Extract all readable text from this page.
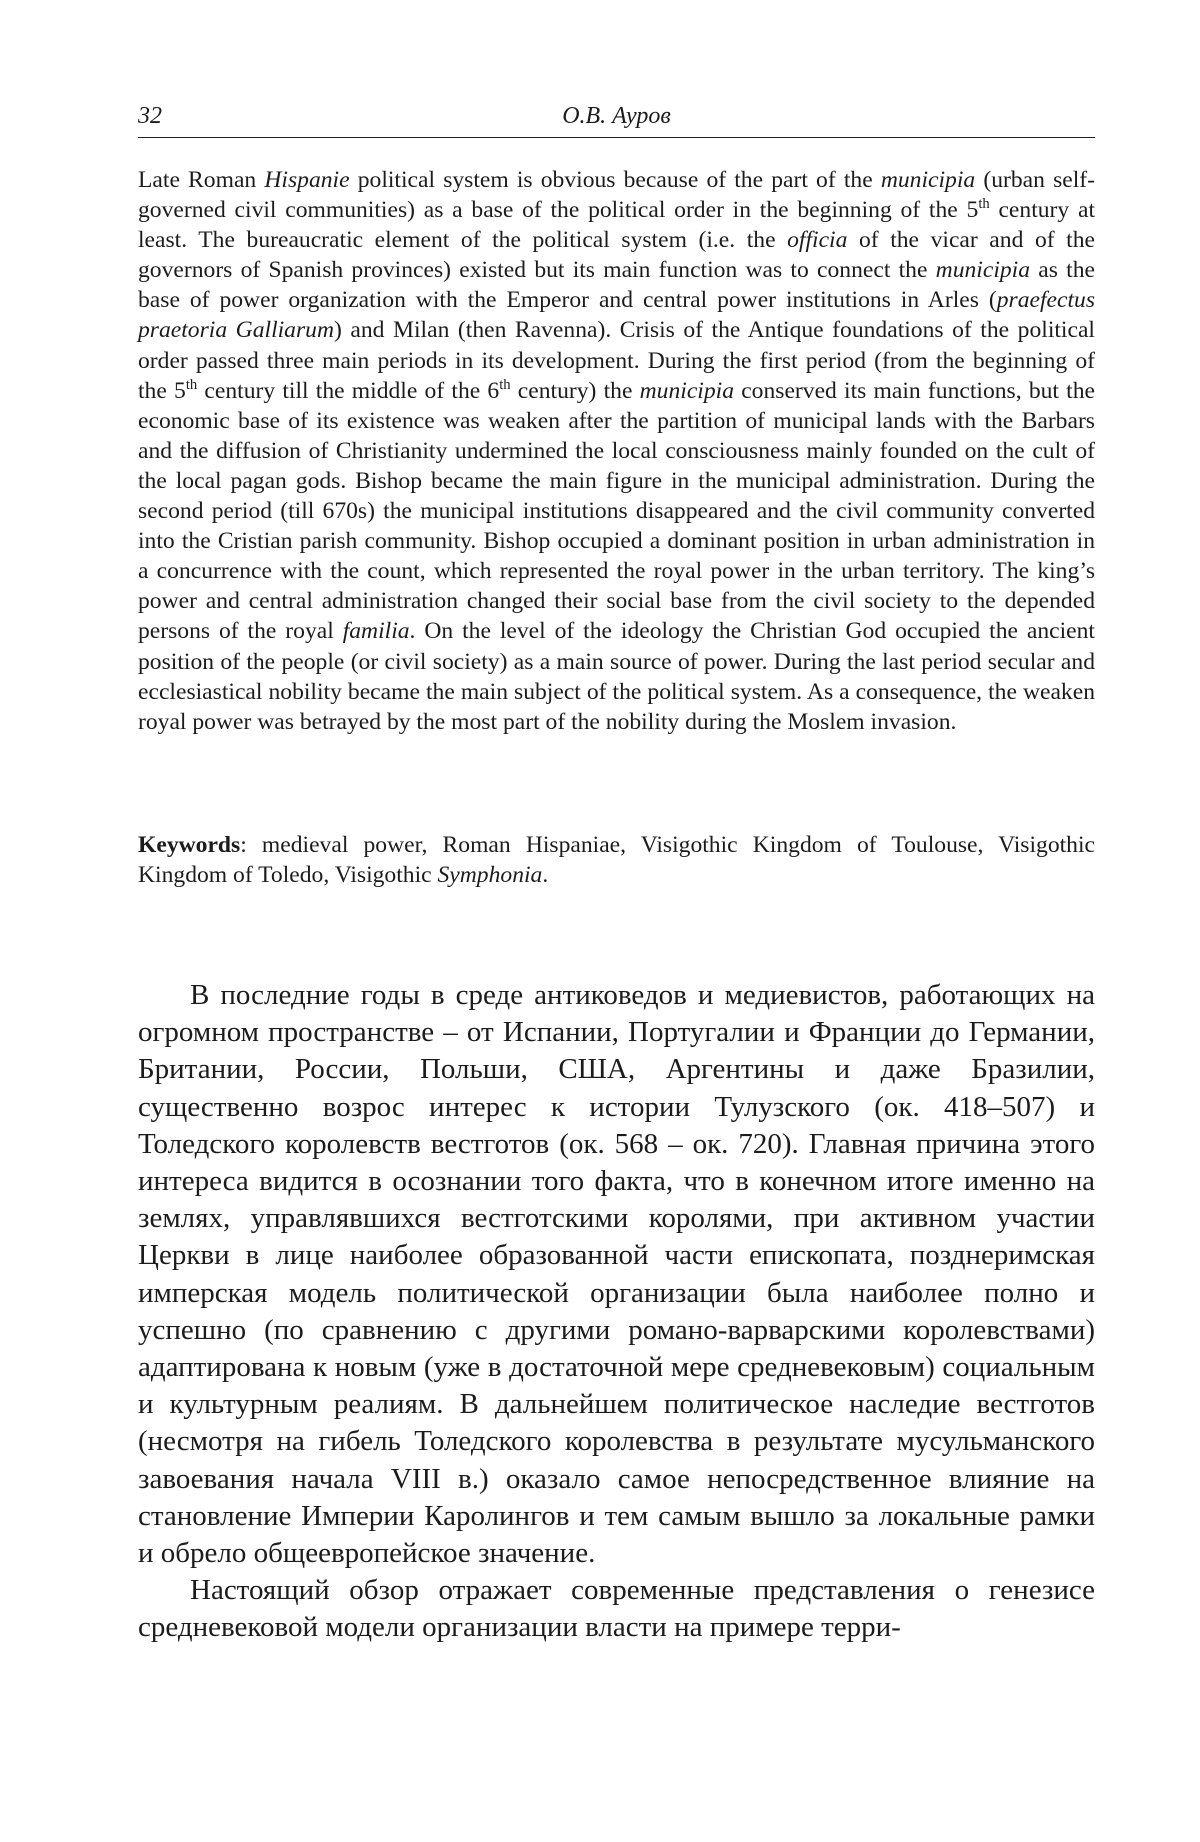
32	О.В. Ауров

Late Roman Hispanie political system is obvious because of the part of the municipia (urban self-governed civil communities) as a base of the political order in the beginning of the 5th century at least. The bureaucratic element of the political system (i.e. the officia of the vicar and of the governors of Spanish provinces) existed but its main function was to connect the municipia as the base of power organization with the Emperor and central power institutions in Arles (praefectus praetoria Galliarum) and Milan (then Ravenna). Crisis of the Antique foundations of the political order passed three main periods in its development. During the first period (from the beginning of the 5th century till the middle of the 6th century) the municipia conserved its main functions, but the economic base of its existence was weaken after the partition of municipal lands with the Barbars and the diffusion of Christianity undermined the local consciousness mainly founded on the cult of the local pagan gods. Bishop became the main figure in the municipal administration. During the second period (till 670s) the municipal institutions disappeared and the civil community converted into the Cristian parish community. Bishop occupied a dominant position in urban administration in a concurrence with the count, which represented the royal power in the urban territory. The king’s power and central administration changed their social base from the civil society to the depended persons of the royal familia. On the level of the ideology the Christian God occupied the ancient position of the people (or civil society) as a main source of power. During the last period secular and ecclesiastical nobility became the main subject of the political system. As a consequence, the weaken royal power was betrayed by the most part of the nobility during the Moslem invasion.

Keywords: medieval power, Roman Hispaniae, Visigothic Kingdom of Toulouse, Visigothic Kingdom of Toledo, Visigothic Symphonia.

В последние годы в среде антиковедов и медиевистов, работающих на огромном пространстве – от Испании, Португалии и Франции до Германии, Британии, России, Польши, США, Аргентины и даже Бразилии, существенно возрос интерес к истории Тулузского (ок. 418–507) и Толедского королевств вестготов (ок. 568 – ок. 720). Главная причина этого интереса видится в осознании того факта, что в конечном итоге именно на землях, управлявшихся вестготскими королями, при активном участии Церкви в лице наиболее образованной части епископата, позднеримская имперская модель политической организации была наиболее полно и успешно (по сравнению с другими романо-варварскими королевствами) адаптирована к новым (уже в достаточной мере средневековым) социальным и культурным реалиям. В дальнейшем политическое наследие вестготов (несмотря на гибель Толедского королевства в результате мусульманского завоевания начала VIII в.) оказало самое непосредственное влияние на становление Империи Каролингов и тем самым вышло за локальные рамки и обрело общеевропейское значение.

Настоящий обзор отражает современные представления о генезисе средневековой модели организации власти на примере терри-
